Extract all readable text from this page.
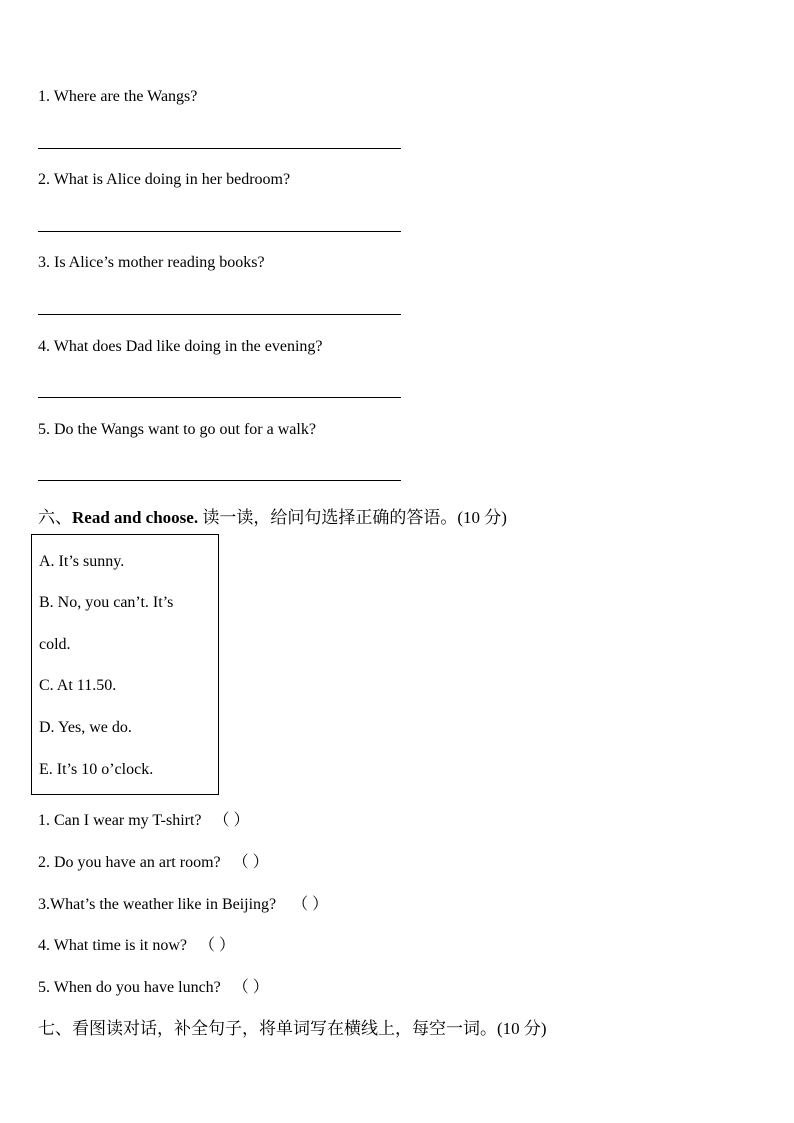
1. Where are the Wangs?
2. What is Alice doing in her bedroom?
3. Is Alice’s mother reading books?
4. What does Dad like doing in the evening?
5. Do the Wangs want to go out for a walk?
六、Read and choose. 读一读，给问句选择正确的答语。(10 分)
A. It’s sunny.
B. No, you can’t. It’s
cold.
C. At 11.50.
D. Yes, we do.
E. It’s 10 o’clock.
1. Can I wear my T-shirt? （ ）
2. Do you have an art room? （ ）
3.What’s the weather like in Beijing? （ ）
4. What time is it now? （ ）
5. When do you have lunch? （ ）
七、看图读对话，补全句子，将单词写在横线上，每空一词。(10 分)
